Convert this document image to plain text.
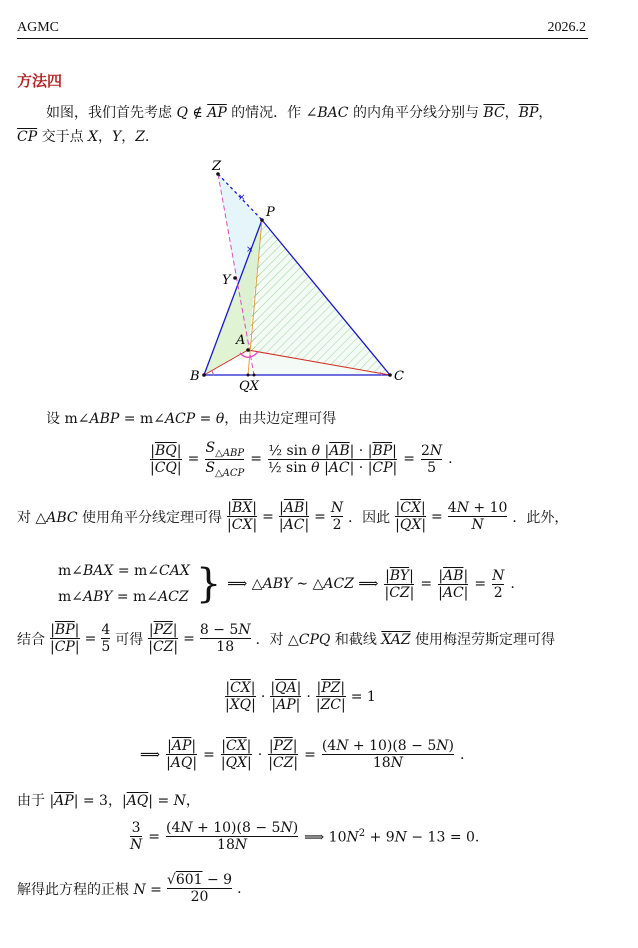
AGMC	2026.2
方法四
如图，我们首先考虑 Q ∉ $\overline{AP}$ 的情况．作 ∠BAC 的内角平分线分别与 $\overline{BC}$，$\overline{BP}$，
$\overline{CP}$ 交于点 X，Y，Z．
×
×
Z
P
Y
A
B	C
QX
设 m∠ABP = m∠ACP = θ，由共边定理可得
$\frac{|\overline{BQ}|}{|\overline{CQ}|}$ =
$S_{\triangle ABP}$
$S_{\triangle ACP}$
= $\frac{\frac{1}{2} \sin \theta |\overline{AB}| \cdot |\overline{BP}|}{\frac{1}{2} \sin \theta |\overline{AC}| \cdot |\overline{CP}|} = \frac{2N}{5}$ .
对 △ABC 使用角平分线定理可得 $\frac{|\overline{BX}|}{|\overline{CX}|} = \frac{|\overline{AB}|}{|\overline{AC}|} = \frac{N}{2}$ ．因此 $\frac{|\overline{CX}|}{|\overline{QX}|} = \frac{4N + 10}{N}$ ．此外，
m∠BAX = m∠CAX
m∠ABY = m∠ACZ } ⟹ △ABY ∼ △ACZ ⟹ $\frac{|\overline{BY}|}{|\overline{CZ}|} = \frac{|\overline{AB}|}{|\overline{AC}|} = \frac{N}{2}$ .
结合 $\frac{|\overline{BP}|}{|\overline{CP}|} = \frac{4}{5}$ 可得 $\frac{|\overline{PZ}|}{|\overline{CZ}|} = \frac{8 - 5N}{18}$ ．对 △CPQ 和截线 $\overline{XAZ}$ 使用梅涅劳斯定理可得
$|\overline{CX}|$
$|\overline{XQ}|$
·
$|\overline{QA}|$
$|\overline{AP}|$
· $\frac{|\overline{PZ}|}{|\overline{ZC}|} = 1$
⟹ $\frac{|\overline{AP}|}{|\overline{AQ}|} = \frac{|\overline{CX}|}{|\overline{QX}|} \cdot \frac{|\overline{PZ}|}{|\overline{CZ}|} = \frac{(4N + 10)(8 - 5N)}{18N}$ .
由于 $|\overline{AP}| = 3$，$|\overline{AQ}| = N$，
$\frac{3}{N} = \frac{(4N + 10)(8 - 5N)}{18N}$ ⟹ $10N^2 + 9N - 13 = 0$.
解得此方程的正根 $N = \frac{√601 - 9}{20}$ .
